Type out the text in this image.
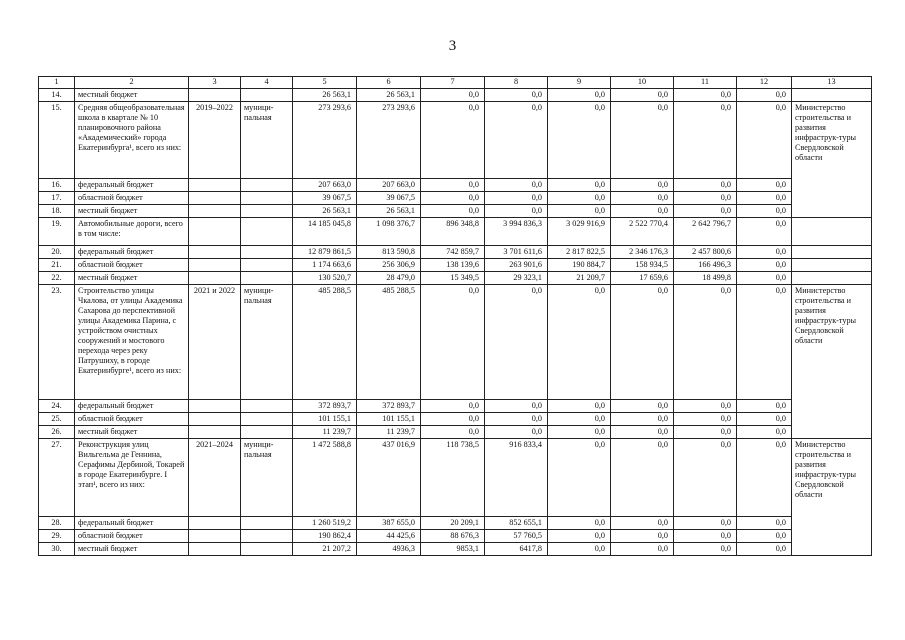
3
1	2	3	4	5	6	7	8	9	10	11	12	13
14.	местный бюджет			26 563,1	26 563,1	0,0	0,0	0,0	0,0	0,0	0,0	
15.	Средняя общеобразовательная школа в квартале № 10 планировочного района «Академический» города Екатеринбурга¹, всего из них:	2019–2022	муници-пальная	273 293,6	273 293,6	0,0	0,0	0,0	0,0	0,0	0,0	Министерство строительства и развития инфраструк-туры Свердловской области
16.	федеральный бюджет			207 663,0	207 663,0	0,0	0,0	0,0	0,0	0,0	0,0	
17.	областной бюджет			39 067,5	39 067,5	0,0	0,0	0,0	0,0	0,0	0,0	
18.	местный бюджет			26 563,1	26 563,1	0,0	0,0	0,0	0,0	0,0	0,0	
19.	Автомобильные дороги, всего в том числе:			14 185 045,8	1 098 376,7	896 348,8	3 994 836,3	3 029 916,9	2 522 770,4	2 642 796,7	0,0	
20.	федеральный бюджет			12 879 861,5	813 590,8	742 859,7	3 701 611,6	2 817 822,5	2 346 176,3	2 457 800,6	0,0	
21.	областной бюджет			1 174 663,6	256 306,9	138 139,6	263 901,6	190 884,7	158 934,5	166 496,3	0,0	
22.	местный бюджет			130 520,7	28 479,0	15 349,5	29 323,1	21 209,7	17 659,6	18 499,8	0,0	
23.	Строительство улицы Чкалова, от улицы Академика Сахарова до перспективной улицы Академика Парина, с устройством очистных сооружений и мостового перехода через реку Патрушиху, в городе Екатеринбурге¹, всего из них:	2021 и 2022	муници-пальная	485 288,5	485 288,5	0,0	0,0	0,0	0,0	0,0	0,0	Министерство строительства и развития инфраструк-туры Свердловской области
24.	федеральный бюджет			372 893,7	372 893,7	0,0	0,0	0,0	0,0	0,0	0,0	
25.	областной бюджет			101 155,1	101 155,1	0,0	0,0	0,0	0,0	0,0	0,0	
26.	местный бюджет			11 239,7	11 239,7	0,0	0,0	0,0	0,0	0,0	0,0	
27.	Реконструкция улиц Вильгельма де Геннина, Серафимы Дербиной, Токарей в городе Екатеринбурге. I этап¹, всего из них:	2021–2024	муници-пальная	1 472 588,8	437 016,9	118 738,5	916 833,4	0,0	0,0	0,0	0,0	Министерство строительства и развития инфраструк-туры Свердловской области
28.	федеральный бюджет			1 260 519,2	387 655,0	20 209,1	852 655,1	0,0	0,0	0,0	0,0	
29.	областной бюджет			190 862,4	44 425,6	88 676,3	57 760,5	0,0	0,0	0,0	0,0	
30.	местный бюджет			21 207,2	4936,3	9853,1	6417,8	0,0	0,0	0,0	0,0	
